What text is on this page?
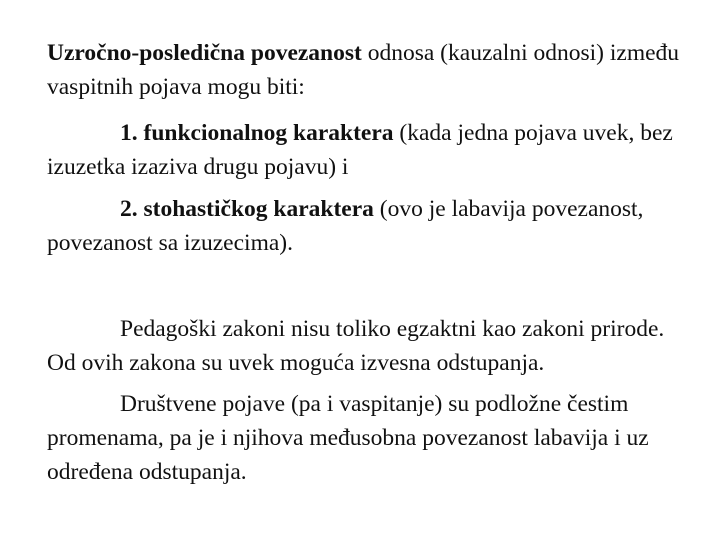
Uzročno-posledična povezanost odnosa (kauzalni odnosi) između vaspitnih pojava mogu biti:

1. funkcionalnog karaktera (kada jedna pojava uvek, bez izuzetka izaziva drugu pojavu) i

2. stohastičkog karaktera (ovo je labavija povezanost, povezanost sa izuzecima).

Pedagoški zakoni nisu toliko egzaktni kao zakoni prirode. Od ovih zakona su uvek moguća izvesna odstupanja.

Društvene pojave (pa i vaspitanje) su podložne čestim promenama, pa je i njihova međusobna povezanost labavija i uz određena odstupanja.
